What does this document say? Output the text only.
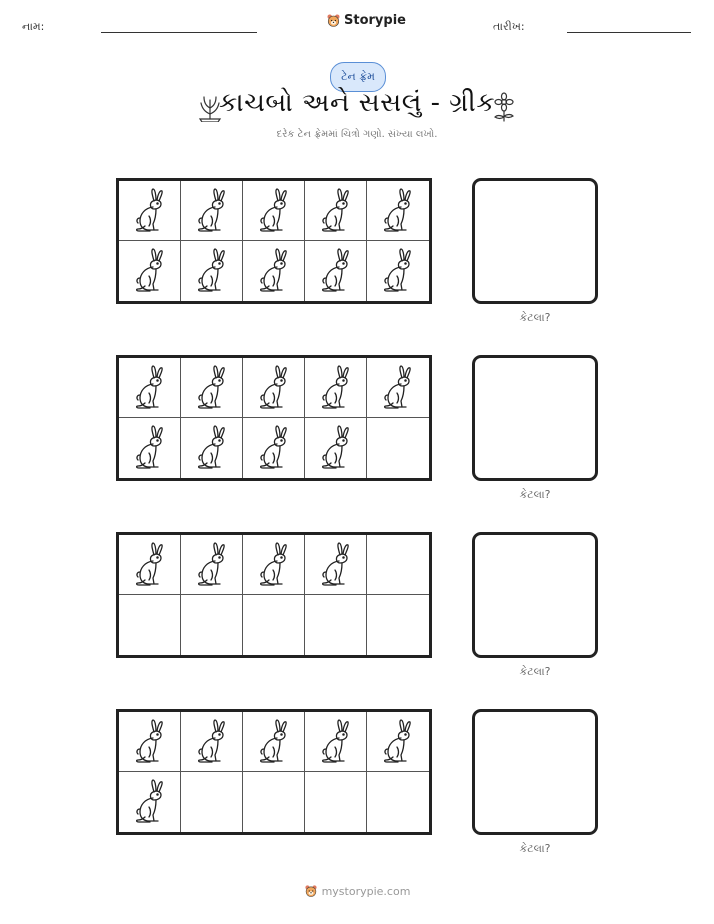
નામ:	Storypie	તારીખ:
ટેન ફ્રેમ
કાચબો અને સસલું - ગ્રીક
દરેક ટેન ફ્રેમમાં ચિત્રો ગણો. સંખ્યા લખો.
કેટલા?
કેટલા?
કેટલા?
કેટલા?
mystorypie.com
